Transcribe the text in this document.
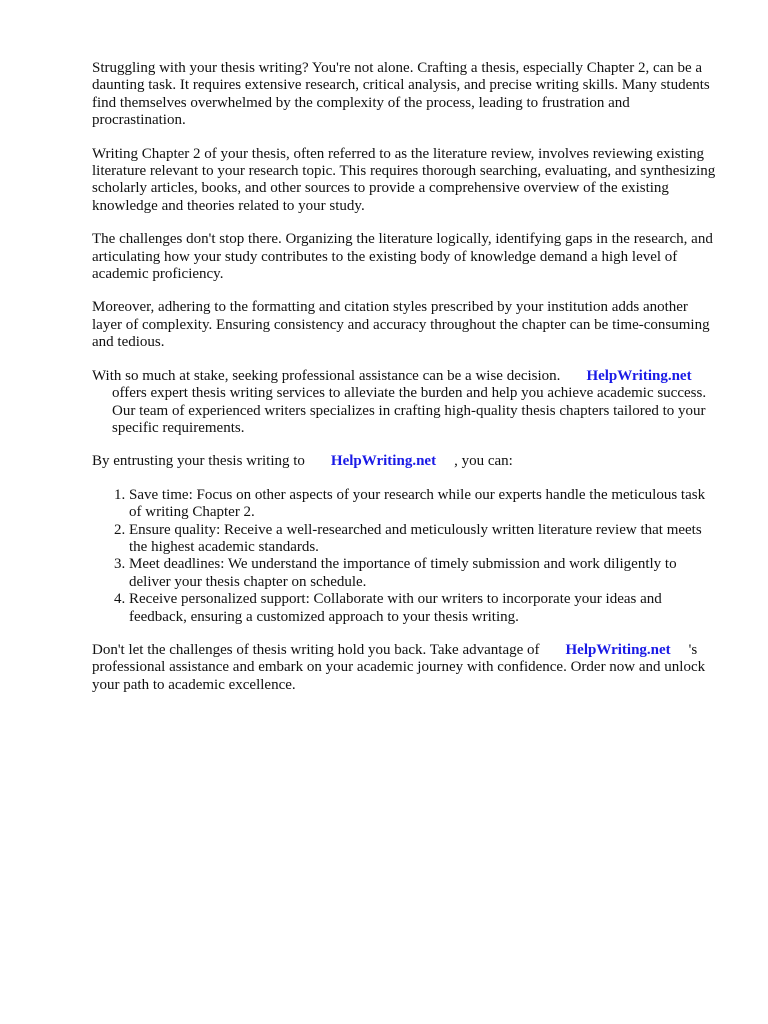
Struggling with your thesis writing? You're not alone. Crafting a thesis, especially Chapter 2, can be a daunting task. It requires extensive research, critical analysis, and precise writing skills. Many students find themselves overwhelmed by the complexity of the process, leading to frustration and procrastination.

Writing Chapter 2 of your thesis, often referred to as the literature review, involves reviewing existing literature relevant to your research topic. This requires thorough searching, evaluating, and synthesizing scholarly articles, books, and other sources to provide a comprehensive overview of the existing knowledge and theories related to your study.

The challenges don't stop there. Organizing the literature logically, identifying gaps in the research, and articulating how your study contributes to the existing body of knowledge demand a high level of academic proficiency.

Moreover, adhering to the formatting and citation styles prescribed by your institution adds another layer of complexity. Ensuring consistency and accuracy throughout the chapter can be time-consuming and tedious.

With so much at stake, seeking professional assistance can be a wise decision. HelpWriting.net
offers expert thesis writing services to alleviate the burden and help you achieve academic success. Our team of experienced writers specializes in crafting high-quality thesis chapters tailored to your specific requirements.

By entrusting your thesis writing to HelpWriting.net , you can:

1. Save time: Focus on other aspects of your research while our experts handle the meticulous task of writing Chapter 2.
2. Ensure quality: Receive a well-researched and meticulously written literature review that meets the highest academic standards.
3. Meet deadlines: We understand the importance of timely submission and work diligently to deliver your thesis chapter on schedule.
4. Receive personalized support: Collaborate with our writers to incorporate your ideas and feedback, ensuring a customized approach to your thesis writing.

Don't let the challenges of thesis writing hold you back. Take advantage of HelpWriting.net 's professional assistance and embark on your academic journey with confidence. Order now and unlock your path to academic excellence.
